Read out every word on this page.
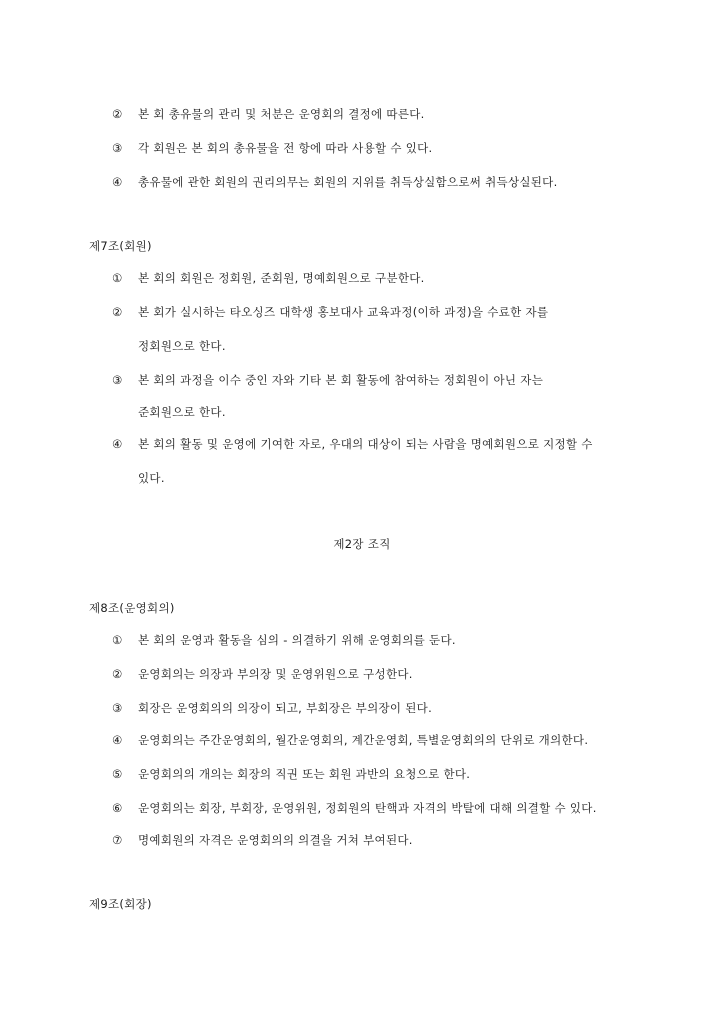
② 본 회 총유물의 관리 및 처분은 운영회의 결정에 따른다.
③ 각 회원은 본 회의 총유물을 전 항에 따라 사용할 수 있다.
④ 총유물에 관한 회원의 권리의무는 회원의 지위를 취득상실함으로써 취득상실된다.
제7조(회원)
① 본 회의 회원은 정회원, 준회원, 명예회원으로 구분한다.
② 본 회가 실시하는 타오싱즈 대학생 홍보대사 교육과정(이하 과정)을 수료한 자를
정회원으로 한다.
③ 본 회의 과정을 이수 중인 자와 기타 본 회 활동에 참여하는 정회원이 아닌 자는
준회원으로 한다.
④ 본 회의 활동 및 운영에 기여한 자로, 우대의 대상이 되는 사람을 명예회원으로 지정할 수
있다.
제2장 조직
제8조(운영회의)
① 본 회의 운영과 활동을 심의 - 의결하기 위해 운영회의를 둔다.
② 운영회의는 의장과 부의장 및 운영위원으로 구성한다.
③ 회장은 운영회의의 의장이 되고, 부회장은 부의장이 된다.
④ 운영회의는 주간운영회의, 월간운영회의, 계간운영회, 특별운영회의의 단위로 개의한다.
⑤ 운영회의의 개의는 회장의 직권 또는 회원 과반의 요청으로 한다.
⑥ 운영회의는 회장, 부회장, 운영위원, 정회원의 탄핵과 자격의 박탈에 대해 의결할 수 있다.
⑦ 명예회원의 자격은 운영회의의 의결을 거쳐 부여된다.
제9조(회장)
